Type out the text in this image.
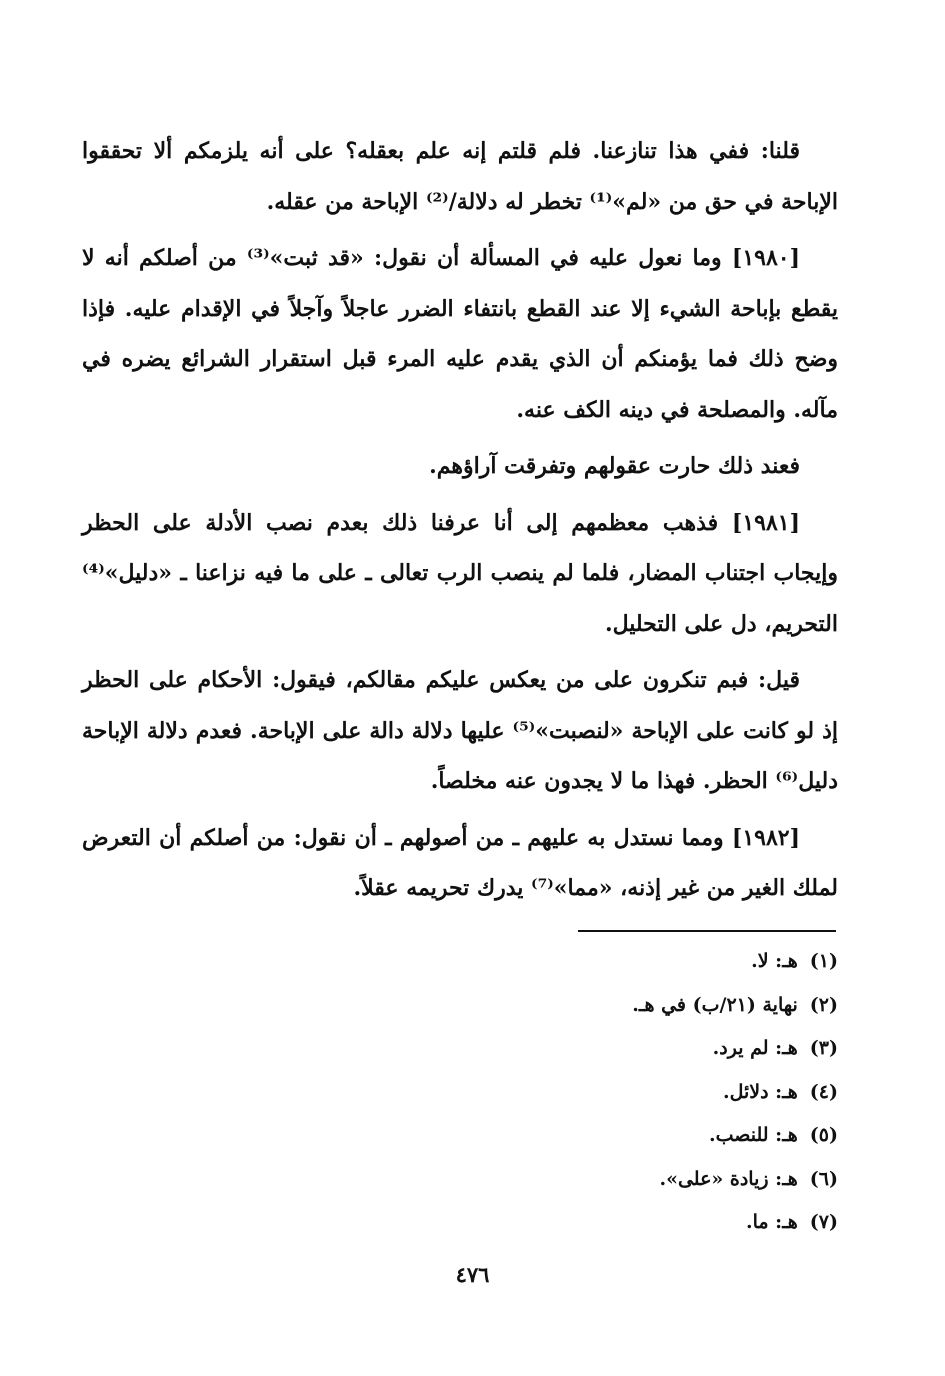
قلنا: ففي هذا تنازعنا. فلم قلتم إنه علم بعقله؟ على أنه يلزمكم ألا تحققوا الإباحة في حق من «لم»⁽¹⁾ تخطر له دلالة/⁽²⁾ الإباحة من عقله.

[١٩٨٠] وما نعول عليه في المسألة أن نقول: «قد ثبت»⁽³⁾ من أصلكم أنه لا يقطع بإباحة الشيء إلا عند القطع بانتفاء الضرر عاجلاً وآجلاً في الإقدام عليه. فإذا وضح ذلك فما يؤمنكم أن الذي يقدم عليه المرء قبل استقرار الشرائع يضره في مآله. والمصلحة في دينه الكف عنه.

فعند ذلك حارت عقولهم وتفرقت آراؤهم.

[١٩٨١] فذهب معظمهم إلى أنا عرفنا ذلك بعدم نصب الأدلة على الحظر وإيجاب اجتناب المضار، فلما لم ينصب الرب تعالى ـ على ما فيه نزاعنا ـ «دليل»⁽⁴⁾ التحريم، دل على التحليل.

قيل: فبم تنكرون على من يعكس عليكم مقالكم، فيقول: الأحكام على الحظر إذ لو كانت على الإباحة «لنصبت»⁽⁵⁾ عليها دلالة دالة على الإباحة. فعدم دلالة الإباحة دليل⁽⁶⁾ الحظر. فهذا ما لا يجدون عنه مخلصاً.

[١٩٨٢] ومما نستدل به عليهم ـ من أصولهم ـ أن نقول: من أصلكم أن التعرض لملك الغير من غير إذنه، «مما»⁽⁷⁾ يدرك تحريمه عقلاً.

(١)هـ: لا.
(٢)نهاية (٢١/ب) في هـ.
(٣)هـ: لم يرد.
(٤)هـ: دلائل.
(٥)هـ: للنصب.
(٦)هـ: زيادة «على».
(٧)هـ: ما.
٤٧٦
